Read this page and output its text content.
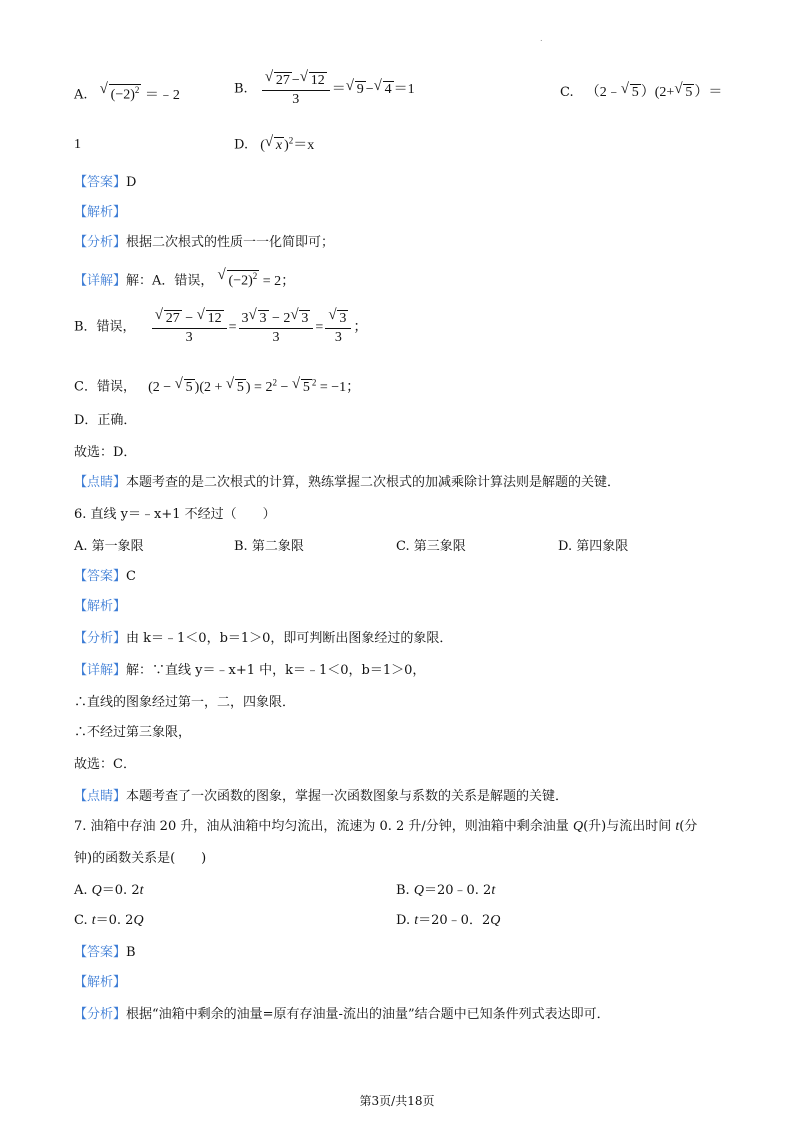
.
A. √ $(-2)^2$ ＝﹣2	B. √ $\frac{27 - √ 12}{3}$ ＝ √ 9 − √ 4 ＝1	C. （2﹣ √ 5 ）(2+ √ 5 ）＝
1	D. ( √ x )$^2$＝x
【答案】D
【解析】
【分析】根据二次根式的性质一一化简即可；
【详解】解：A．错误， √ $(-2)^2 = 2$；
B．错误， √ $\frac{27 - √ 12}{3} = \frac{3 √ 3 - 2 √ 3}{3}$ = √ $\frac{3}{3}$ ；
C．错误， (2 − √ 5 )(2 + √ 5 ) = $2^2$ − √ 5 $^2$ = −1；
D．正确．
故选：D．
【点睛】本题考查的是二次根式的计算，熟练掌握二次根式的加减乘除计算法则是解题的关键．
6. 直线 y＝﹣x+1 不经过（　　）
A. 第一象限	B. 第二象限	C. 第三象限	D. 第四象限
【答案】C
【解析】
【分析】由 k＝﹣1＜0，b＝1＞0，即可判断出图象经过的象限．
【详解】解：∵直线 y＝﹣x+1 中，k＝﹣1＜0，b＝1＞0，
∴直线的图象经过第一，二，四象限．
∴不经过第三象限，
故选：C．
【点睛】本题考查了一次函数的图象，掌握一次函数图象与系数的关系是解题的关键．
7. 油箱中存油 20 升，油从油箱中均匀流出，流速为 0. 2 升/分钟，则油箱中剩余油量 Q(升)与流出时间 t(分
钟)的函数关系是(　　)
A. Q＝0. 2t	B. Q＝20﹣0. 2t
C. t＝0. 2Q	D. t＝20﹣0．2Q
【答案】B
【解析】
【分析】根据“油箱中剩余的油量=原有存油量-流出的油量”结合题中已知条件列式表达即可．
第3页/共18页
